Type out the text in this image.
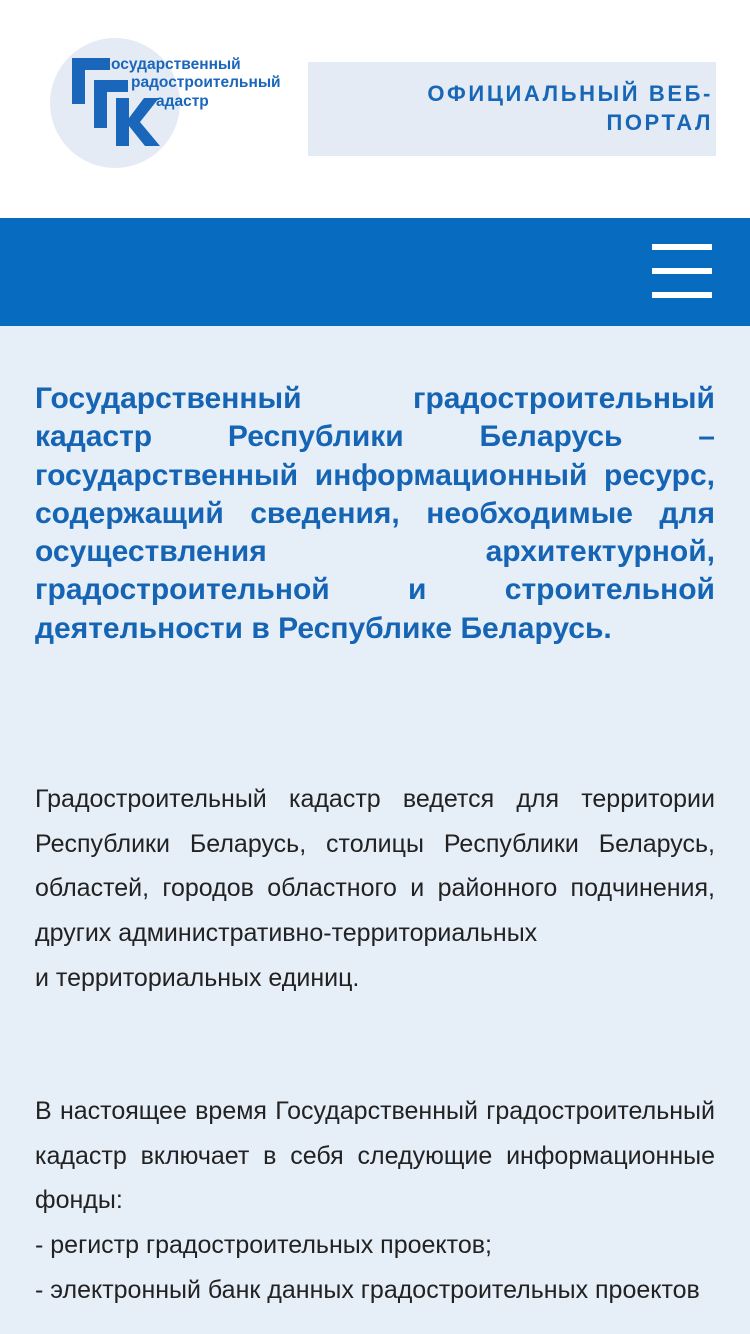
осударственный
радостроительный
адастр	ОФИЦИАЛЬНЫЙ ВЕБ-
ПОРТАЛ

Государственный градостроительный кадастр Республики Беларусь – государственный информационный ресурс, содержащий сведения, необходимые для осуществления архитектурной, градостроительной и строительной деятельности в Республике Беларусь.

Градостроительный кадастр ведется для территории Республики Беларусь, столицы Республики Беларусь, областей, городов областного и районного подчинения, других административно-территориальных

и территориальных единиц.

В настоящее время Государственный градостроительный кадастр включает в себя следующие информационные фонды:

- регистр градостроительных проектов;

- электронный банк данных градостроительных проектов
